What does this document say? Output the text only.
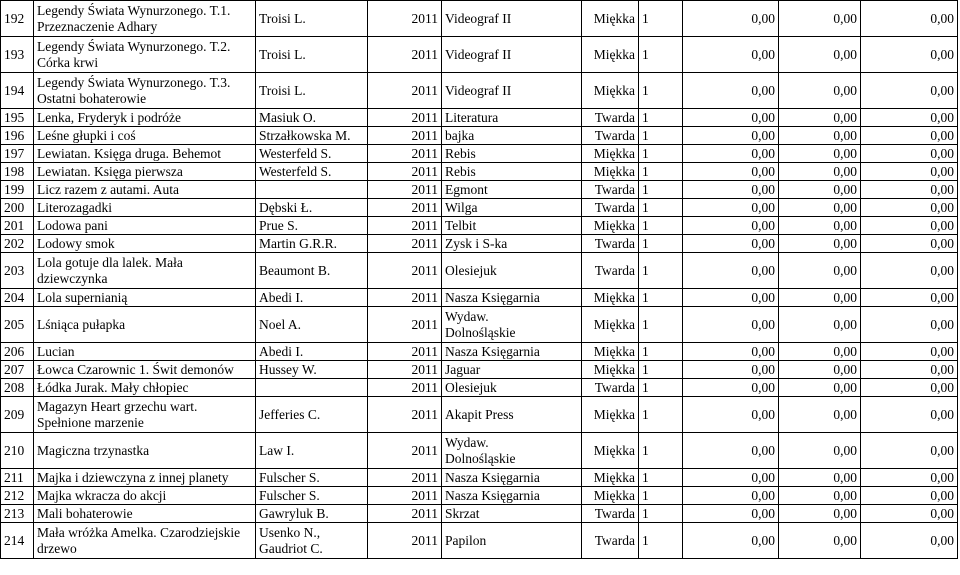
192	Legendy Świata Wynurzonego. T.1.
Przeznaczenie Adhary	Troisi L.	2011	Videograf II	Miękka	1	0,00	0,00	0,00
193	Legendy Świata Wynurzonego. T.2.
Córka krwi	Troisi L.	2011	Videograf II	Miękka	1	0,00	0,00	0,00
194	Legendy Świata Wynurzonego. T.3.
Ostatni bohaterowie	Troisi L.	2011	Videograf II	Miękka	1	0,00	0,00	0,00
195	Lenka, Fryderyk i podróże	Masiuk O.	2011	Literatura	Twarda	1	0,00	0,00	0,00
196	Leśne głupki i coś	Strzałkowska M.	2011	bajka	Twarda	1	0,00	0,00	0,00
197	Lewiatan. Księga druga. Behemot	Westerfeld S.	2011	Rebis	Miękka	1	0,00	0,00	0,00
198	Lewiatan. Księga pierwsza	Westerfeld S.	2011	Rebis	Miękka	1	0,00	0,00	0,00
199	Licz razem z autami. Auta		2011	Egmont	Twarda	1	0,00	0,00	0,00
200	Literozagadki	Dębski Ł.	2011	Wilga	Twarda	1	0,00	0,00	0,00
201	Lodowa pani	Prue S.	2011	Telbit	Miękka	1	0,00	0,00	0,00
202	Lodowy smok	Martin G.R.R.	2011	Zysk i S-ka	Twarda	1	0,00	0,00	0,00
203	Lola gotuje dla lalek. Mała
dziewczynka	Beaumont B.	2011	Olesiejuk	Twarda	1	0,00	0,00	0,00
204	Lola supernianią	Abedi I.	2011	Nasza Księgarnia	Miękka	1	0,00	0,00	0,00
205	Lśniąca pułapka	Noel A.	2011	Wydaw.
Dolnośląskie	Miękka	1	0,00	0,00	0,00
206	Lucian	Abedi I.	2011	Nasza Księgarnia	Miękka	1	0,00	0,00	0,00
207	Łowca Czarownic 1. Świt demonów	Hussey W.	2011	Jaguar	Miękka	1	0,00	0,00	0,00
208	Łódka Jurak. Mały chłopiec		2011	Olesiejuk	Twarda	1	0,00	0,00	0,00
209	Magazyn Heart grzechu wart.
Spełnione marzenie	Jefferies C.	2011	Akapit Press	Miękka	1	0,00	0,00	0,00
210	Magiczna trzynastka	Law I.	2011	Wydaw.
Dolnośląskie	Miękka	1	0,00	0,00	0,00
211	Majka i dziewczyna z innej planety	Fulscher S.	2011	Nasza Księgarnia	Miękka	1	0,00	0,00	0,00
212	Majka wkracza do akcji	Fulscher S.	2011	Nasza Księgarnia	Miękka	1	0,00	0,00	0,00
213	Mali bohaterowie	Gawryluk B.	2011	Skrzat	Twarda	1	0,00	0,00	0,00
214	Mała wróżka Amelka. Czarodziejskie
drzewo	Usenko N.,
Gaudriot C.	2011	Papilon	Twarda	1	0,00	0,00	0,00
